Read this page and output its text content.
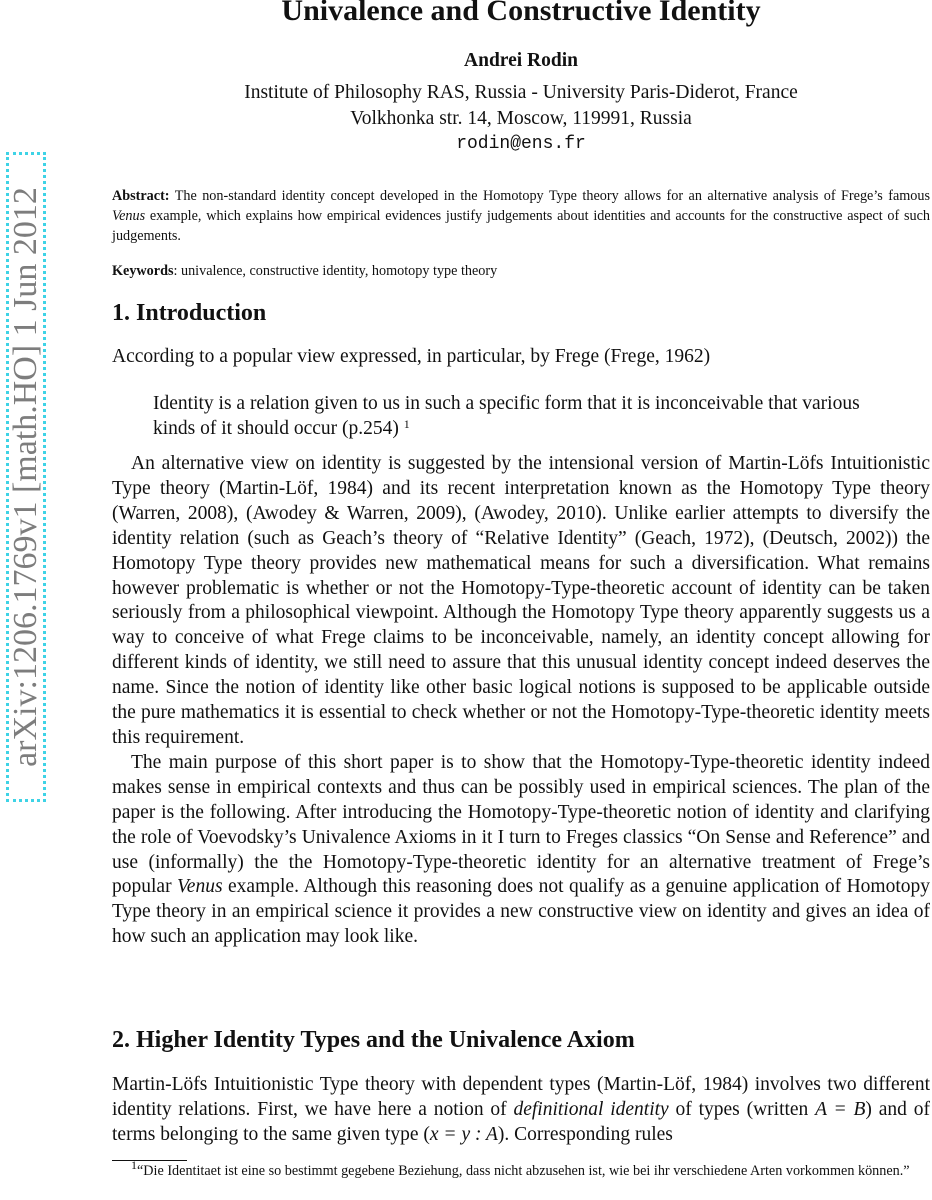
arXiv:1206.1769v1 [math.HO] 1 Jun 2012
Univalence and Constructive Identity
Andrei Rodin
Institute of Philosophy RAS, Russia - University Paris-Diderot, France
Volkhonka str. 14, Moscow, 119991, Russia
rodin@ens.fr
Abstract: The non-standard identity concept developed in the Homotopy Type theory allows for an alternative analysis of Frege’s famous Venus example, which explains how empirical evidences justify judgements about identities and accounts for the constructive aspect of such judgements.
Keywords: univalence, constructive identity, homotopy type theory
1. Introduction
According to a popular view expressed, in particular, by Frege (Frege, 1962)
Identity is a relation given to us in such a specific form that it is inconceivable that various kinds of it should occur (p.254) $^1$

An alternative view on identity is suggested by the intensional version of Martin-Löfs Intuitionistic Type theory (Martin-Löf, 1984) and its recent interpretation known as the Homotopy Type theory (Warren, 2008), (Awodey & Warren, 2009), (Awodey, 2010). Unlike earlier attempts to diversify the identity relation (such as Geach’s theory of “Relative Identity” (Geach, 1972), (Deutsch, 2002)) the Homotopy Type theory provides new mathematical means for such a diversification. What remains however problematic is whether or not the Homotopy-Type-theoretic account of identity can be taken seriously from a philosophical viewpoint. Although the Homotopy Type theory apparently suggests us a way to conceive of what Frege claims to be inconceivable, namely, an identity concept allowing for different kinds of identity, we still need to assure that this unusual identity concept indeed deserves the name. Since the notion of identity like other basic logical notions is supposed to be applicable outside the pure mathematics it is essential to check whether or not the Homotopy-Type-theoretic identity meets this requirement.

The main purpose of this short paper is to show that the Homotopy-Type-theoretic identity indeed makes sense in empirical contexts and thus can be possibly used in empirical sciences. The plan of the paper is the following. After introducing the Homotopy-Type-theoretic notion of identity and clarifying the role of Voevodsky’s Univalence Axioms in it I turn to Freges classics “On Sense and Reference” and use (informally) the the Homotopy-Type-theoretic identity for an alternative treatment of Frege’s popular Venus example. Although this reasoning does not qualify as a genuine application of Homotopy Type theory in an empirical science it provides a new constructive view on identity and gives an idea of how such an application may look like.

2. Higher Identity Types and the Univalence Axiom

Martin-Löfs Intuitionistic Type theory with dependent types (Martin-Löf, 1984) involves two different identity relations. First, we have here a notion of definitional identity of types (written A = B) and of terms belonging to the same given type (x = y : A). Corresponding rules

$^1$“Die Identitaet ist eine so bestimmt gegebene Beziehung, dass nicht abzusehen ist, wie bei ihr verschiedene Arten vorkommen können.”
